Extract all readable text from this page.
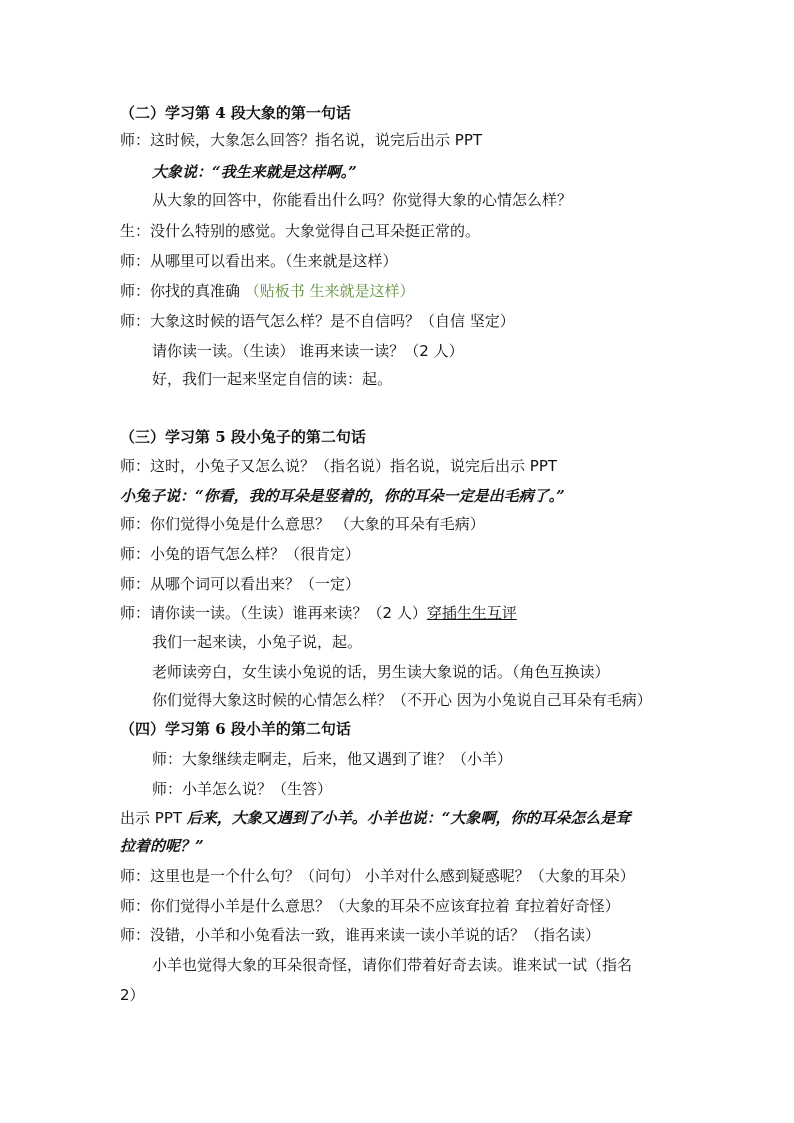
（二）学习第 4 段大象的第一句话
师：这时候，大象怎么回答？指名说，说完后出示 PPT
大象说：“我生来就是这样啊。”
从大象的回答中，你能看出什么吗？你觉得大象的心情怎么样？
生：没什么特别的感觉。大象觉得自己耳朵挺正常的。
师：从哪里可以看出来。（生来就是这样）
师：你找的真准确 （贴板书 生来就是这样）
师：大象这时候的语气怎么样？是不自信吗？（自信 坚定）
请你读一读。（生读） 谁再来读一读？（2 人）
好，我们一起来坚定自信的读：起。
（三）学习第 5 段小兔子的第二句话
师：这时，小兔子又怎么说？（指名说）指名说，说完后出示 PPT
小兔子说：“你看，我的耳朵是竖着的，你的耳朵一定是出毛病了。”
师：你们觉得小兔是什么意思？ （大象的耳朵有毛病）
师：小兔的语气怎么样？（很肯定）
师：从哪个词可以看出来？（一定）
师：请你读一读。（生读）谁再来读？（2 人）穿插生生互评
我们一起来读，小兔子说，起。
老师读旁白，女生读小兔说的话，男生读大象说的话。（角色互换读）
你们觉得大象这时候的心情怎么样？（不开心 因为小兔说自己耳朵有毛病）
（四）学习第 6 段小羊的第二句话
师：大象继续走啊走，后来，他又遇到了谁？（小羊）
师：小羊怎么说？（生答）
出示 PPT 后来，大象又遇到了小羊。小羊也说：“大象啊，你的耳朵怎么是耷
拉着的呢？”
师：这里也是一个什么句？（问句） 小羊对什么感到疑惑呢？（大象的耳朵）
师：你们觉得小羊是什么意思？（大象的耳朵不应该耷拉着 耷拉着好奇怪）
师：没错，小羊和小兔看法一致，谁再来读一读小羊说的话？（指名读）
小羊也觉得大象的耳朵很奇怪，请你们带着好奇去读。谁来试一试（指名
2）
